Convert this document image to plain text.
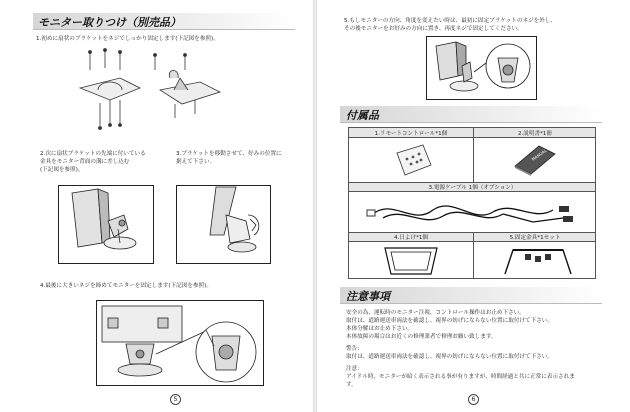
モニター取りつけ（別売品）
1.初めに扇状のブラケットをネジでしっかり固定します(下記図を参照)。
2.次に扇状ブラケットの先端に付いている
金具をモニター背面の溝に差し込む
(下記図を参照)。
3.ブラケットを移動させて、好みの位置に
据えて下さい。
4.最後に大きいネジを締めてモニターを固定します(下記図を参照)。
5
5.もしモニターの方向、角度を変えたい時は、最初に固定ブラケットのネジを外し、
その後モニターをお好みの方向に置き、再度ネジで固定してください。
付属品
1.リモートコントロール*1個	2.説明書*1冊
3.電源ケーブル 1個（オプション）
4.日よけ*1個	5.固定金具*1セット
MANUAL
注意事項
安全の為、運転時のモニター注視、コントロール操作はお止め下さい。
取付は、道路運送車両法を確認し、視界の妨げにならない位置に取付けて下さい。
本体分解はお止め下さい。
本体故障の場合はお近くの修理業者で修理お願い致します。
警告:
取付は、道路運送車両法を確認し、視界の妨げにならない位置に取付けて下さい。
注意:
アイドル時、モニターが暗く表示される事が有りますが、時間経過と共に正常に表示されま
す。
6
